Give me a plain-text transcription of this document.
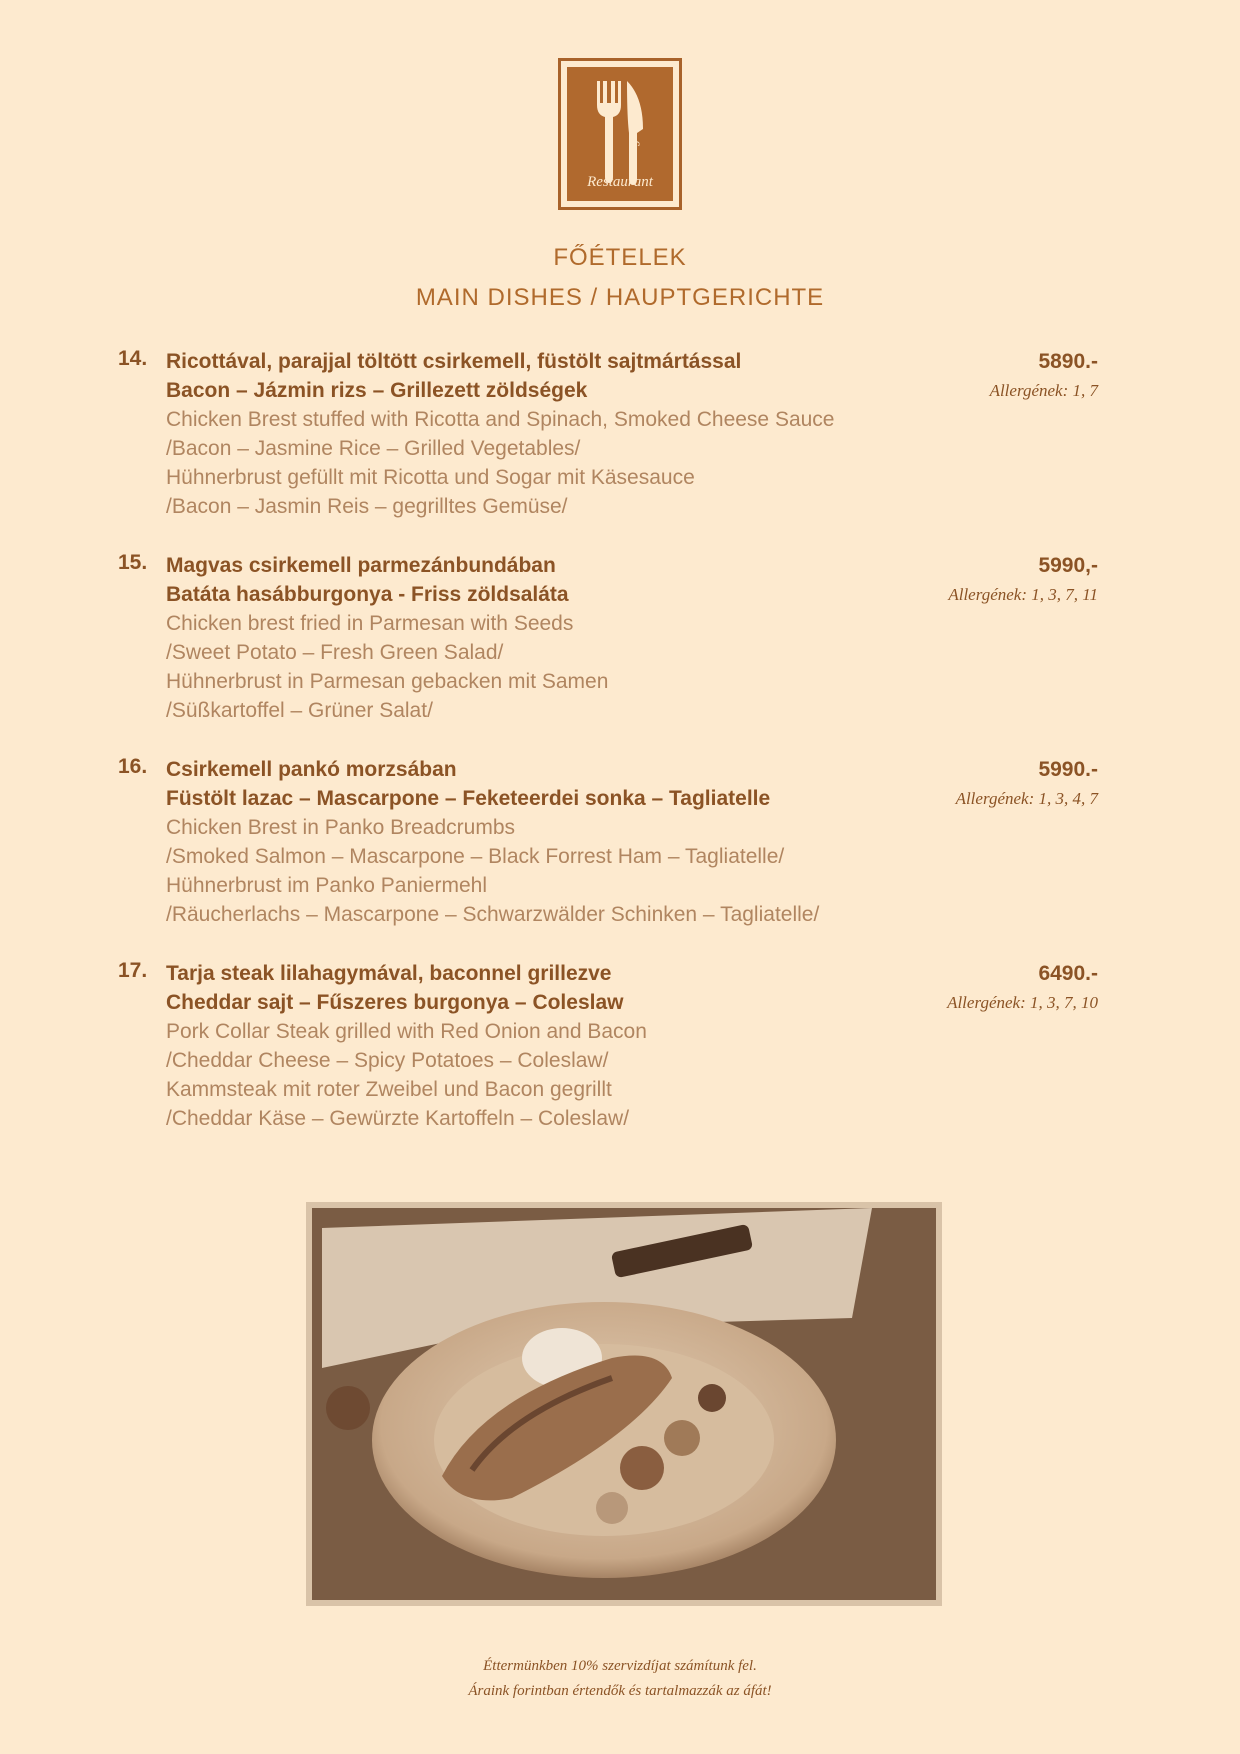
Belgian
Restaurant
FŐÉTELEK
MAIN DISHES / HAUPTGERICHTE
14. Ricottával, parajjal töltött csirkemell, füstölt sajtmártással
Bacon – Jázmin rizs – Grillezett zöldségek
Chicken Brest stuffed with Ricotta and Spinach, Smoked Cheese Sauce
/Bacon – Jasmine Rice – Grilled Vegetables/
Hühnerbrust gefüllt mit Ricotta und Sogar mit Käsesauce
/Bacon – Jasmin Reis – gegrilltes Gemüse/
5890.-
Allergének: 1, 7
15. Magvas csirkemell parmezánbundában
Batáta hasábburgonya - Friss zöldsaláta
Chicken brest fried in Parmesan with Seeds
/Sweet Potato – Fresh Green Salad/
Hühnerbrust in Parmesan gebacken mit Samen
/Süßkartoffel – Grüner Salat/
5990,-
Allergének: 1, 3, 7, 11
16. Csirkemell pankó morzsában
Füstölt lazac – Mascarpone – Feketeerdei sonka – Tagliatelle
Chicken Brest in Panko Breadcrumbs
/Smoked Salmon – Mascarpone – Black Forrest Ham – Tagliatelle/
Hühnerbrust im Panko Paniermehl
/Räucherlachs – Mascarpone – Schwarzwälder Schinken – Tagliatelle/
5990.-
Allergének: 1, 3, 4, 7
17. Tarja steak lilahagymával, baconnel grillezve
Cheddar sajt – Fűszeres burgonya – Coleslaw
Pork Collar Steak grilled with Red Onion and Bacon
/Cheddar Cheese – Spicy Potatoes – Coleslaw/
Kammsteak mit roter Zweibel und Bacon gegrillt
/Cheddar Käse – Gewürzte Kartoffeln – Coleslaw/
6490.-
Allergének: 1, 3, 7, 10
Éttermünkben 10% szervizdíjat számítunk fel.
Áraink forintban értendők és tartalmazzák az áfát!
